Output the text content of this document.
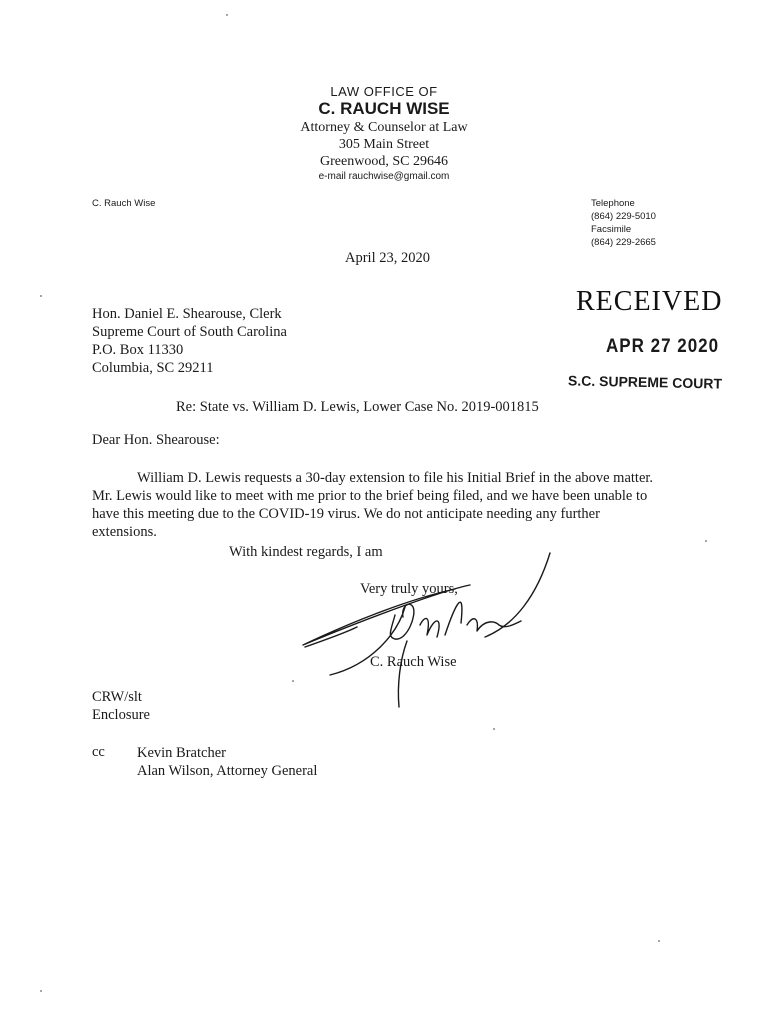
LAW OFFICE OF
C. RAUCH WISE
Attorney & Counselor at Law
305 Main Street
Greenwood, SC 29646
e-mail rauchwise@gmail.com
C. Rauch Wise	Telephone
(864) 229-5010
Facsimile
(864) 229-2665
April 23, 2020
Hon. Daniel E. Shearouse, Clerk
Supreme Court of South Carolina
P.O. Box 11330
Columbia, SC 29211
RECEIVED
APR 27 2020
S.C. SUPREME COURT
Re: State vs. William D. Lewis, Lower Case No. 2019-001815
Dear Hon. Shearouse:
William D. Lewis requests a 30-day extension to file his Initial Brief in the above matter.
Mr. Lewis would like to meet with me prior to the brief being filed, and we have been unable to
have this meeting due to the COVID-19 virus. We do not anticipate needing any further
extensions.
With kindest regards, I am
Very truly yours,
C. Rauch Wise
CRW/slt
Enclosure
cc Kevin Bratcher
Alan Wilson, Attorney General
